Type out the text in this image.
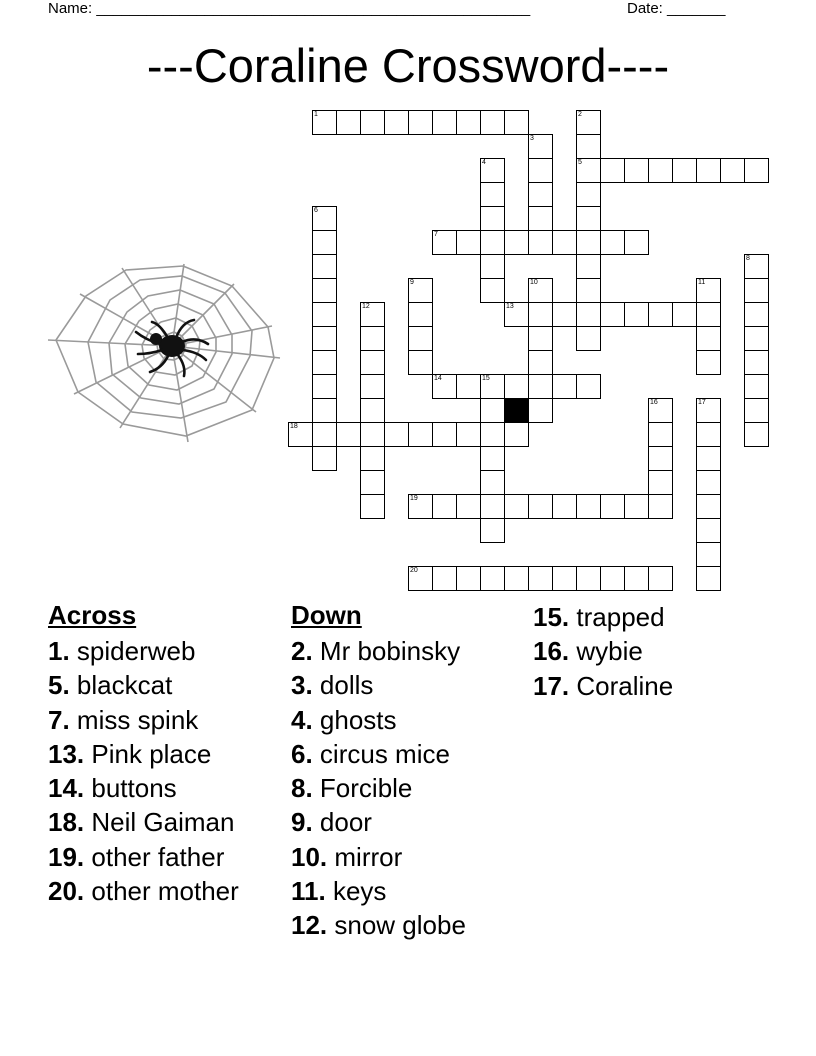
Name: ____________________________________________________	Date: _______
---Coraline Crossword----
1	2
5
3
4
6
7
8
9	10	11
12	13
14	15
16	17
18
19
20
Across
1. spiderweb
5. blackcat
7. miss spink
13. Pink place
14. buttons
18. Neil Gaiman
19. other father
20. other mother
Down
2. Mr bobinsky
3. dolls
4. ghosts
6. circus mice
8. Forcible
9. door
10. mirror
11. keys
12. snow globe
15. trapped
16. wybie
17. Coraline
